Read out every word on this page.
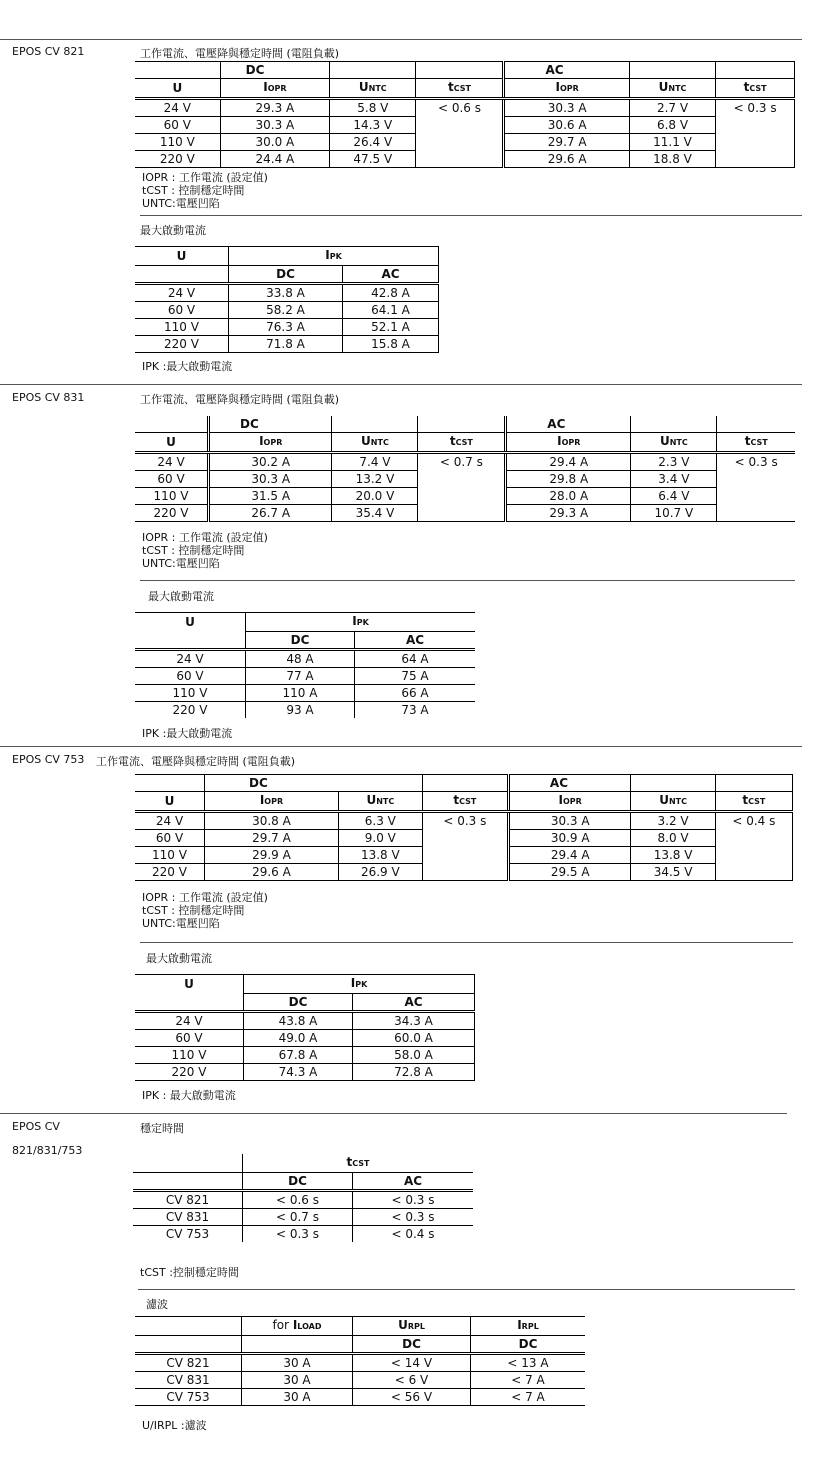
EPOS CV 821	工作電流、電壓降與穩定時間 (電阻負載)
	DC			AC		
U	IOPR	UNTC	tCST	IOPR	UNTC	tCST
24 V	29.3 A	5.8 V	< 0.6 s	30.3 A	2.7 V	< 0.3 s
60 V	30.3 A	14.3 V		30.6 A	6.8 V	
110 V	30.0 A	26.4 V		29.7 A	11.1 V	
220 V	24.4 A	47.5 V		29.6 A	18.8 V	
IOPR : 工作電流 (設定值)
tCST : 控制穩定時間
UNTC:電壓凹陷
最大啟動電流
U	IPK	
	DC	AC
24 V	33.8 A	42.8 A
60 V	58.2 A	64.1 A
110 V	76.3 A	52.1 A
220 V	71.8 A	15.8 A
IPK :最大啟動電流
EPOS CV 831	工作電流、電壓降與穩定時間 (電阻負載)
	DC			AC		
U	IOPR	UNTC	tCST	IOPR	UNTC	tCST
24 V	30.2 A	7.4 V	< 0.7 s	29.4 A	2.3 V	< 0.3 s
60 V	30.3 A	13.2 V		29.8 A	3.4 V	
110 V	31.5 A	20.0 V		28.0 A	6.4 V	
220 V	26.7 A	35.4 V		29.3 A	10.7 V	
IOPR : 工作電流 (設定值)
tCST : 控制穩定時間
UNTC:電壓凹陷
最大啟動電流
U	IPK	
	DC	AC
24 V	48 A	64 A
60 V	77 A	75 A
110 V	110 A	66 A
220 V	93 A	73 A
IPK :最大啟動電流
EPOS CV 753 工作電流、電壓降與穩定時間 (電阻負載)
	DC			AC		
U	IOPR	UNTC	tCST	IOPR	UNTC	tCST
24 V	30.8 A	6.3 V	< 0.3 s	30.3 A	3.2 V	< 0.4 s
60 V	29.7 A	9.0 V		30.9 A	8.0 V	
110 V	29.9 A	13.8 V		29.4 A	13.8 V	
220 V	29.6 A	26.9 V		29.5 A	34.5 V	
IOPR : 工作電流 (設定值)
tCST : 控制穩定時間
UNTC:電壓凹陷
最大啟動電流
U	IPK	
	DC	AC
24 V	43.8 A	34.3 A
60 V	49.0 A	60.0 A
110 V	67.8 A	58.0 A
220 V	74.3 A	72.8 A
IPK : 最大啟動電流
EPOS CV
821/831/753
穩定時間
	tCST	
	DC	AC
CV 821	< 0.6 s	< 0.3 s
CV 831	< 0.7 s	< 0.3 s
CV 753	< 0.3 s	< 0.4 s
tCST :控制穩定時間
濾波
	for ILOAD	URPL	IRPL
		DC	DC
CV 821	30 A	< 14 V	< 13 A
CV 831	30 A	< 6 V	< 7 A
CV 753	30 A	< 56 V	< 7 A
U/IRPL :濾波
